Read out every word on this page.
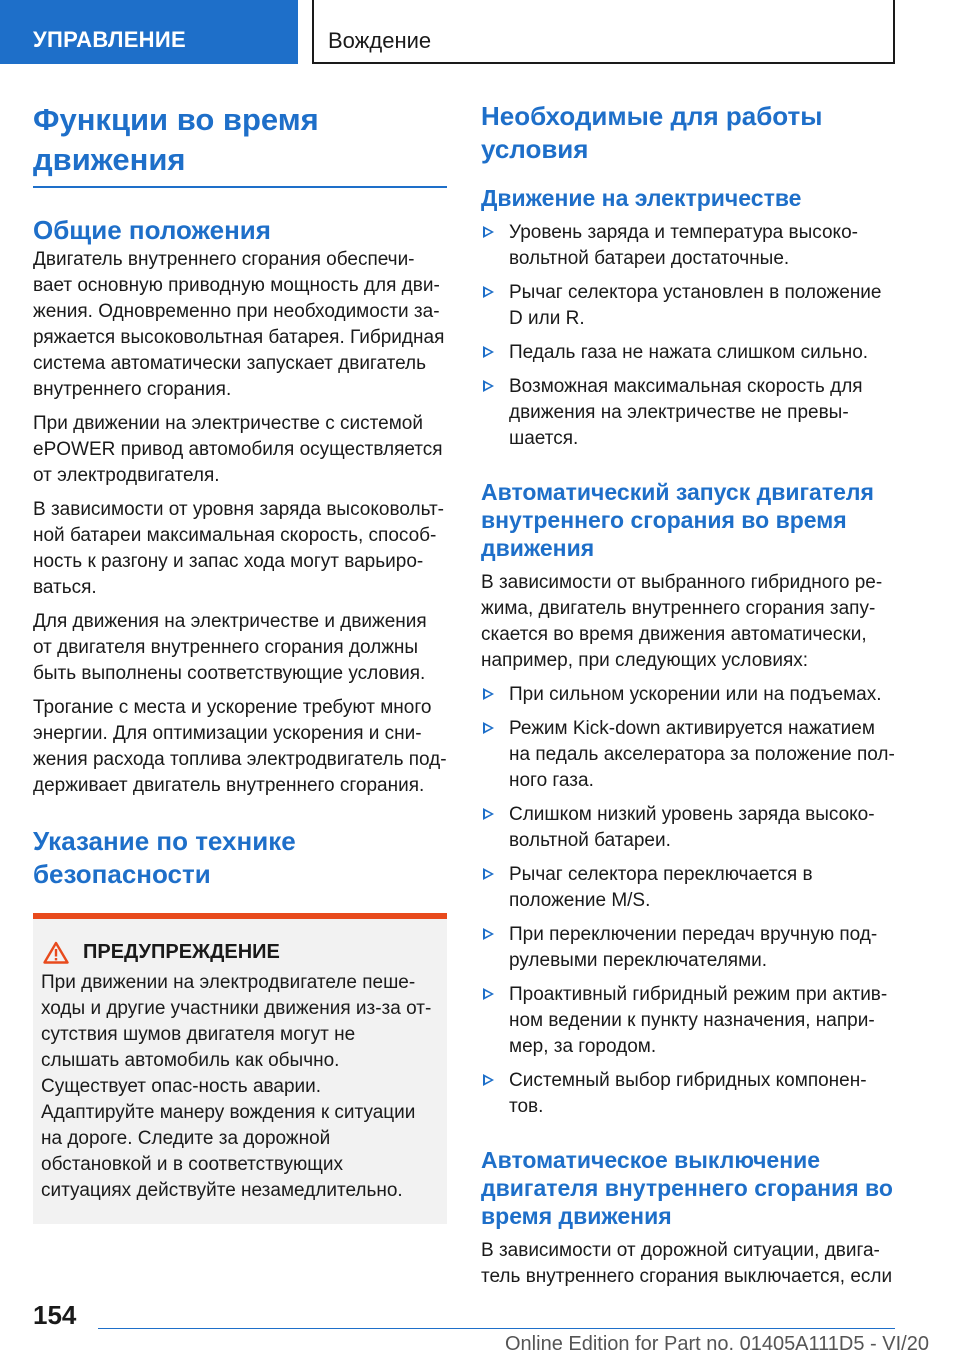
УПРАВЛЕНИЕ	Вождение
Функции во время движения
Общие положения

Двигатель внутреннего сгорания обеспечи-вает основную приводную мощность для дви-жения. Одновременно при необходимости за-ряжается высоковольтная батарея. Гибридная система автоматически запускает двигатель внутреннего сгорания.

При движении на электричестве с системой ePOWER привод автомобиля осуществляется от электродвигателя.

В зависимости от уровня заряда высоковольт-ной батареи максимальная скорость, способ-ность к разгону и запас хода могут варьиро-ваться.

Для движения на электричестве и движения от двигателя внутреннего сгорания должны быть выполнены соответствующие условия.

Трогание с места и ускорение требуют много энергии. Для оптимизации ускорения и сни-жения расхода топлива электродвигатель под-держивает двигатель внутреннего сгорания.

Указание по технике безопасности
ПРЕДУПРЕЖДЕНИЕ

При движении на электродвигателе пеше-ходы и другие участники движения из-за от-сутствия шумов двигателя могут не слышать автомобиль как обычно. Существует опас-ность аварии. Адаптируйте манеру вождения к ситуации на дороге. Следите за дорожной обстановкой и в соответствующих ситуациях действуйте незамедлительно.

Необходимые для работы условия
Движение на электричестве
Уровень заряда и температура высоко-вольтной батареи достаточные.
Рычаг селектора установлен в положение D или R.
Педаль газа не нажата слишком сильно.
Возможная максимальная скорость для движения на электричестве не превы-шается.
Автоматический запуск двигателя внутреннего сгорания во время движения

В зависимости от выбранного гибридного ре-жима, двигатель внутреннего сгорания запу-скается во время движения автоматически, например, при следующих условиях:

При сильном ускорении или на подъемах.
Режим Kick-down активируется нажатием на педаль акселератора за положение пол-ного газа.
Слишком низкий уровень заряда высоко-вольтной батареи.
Рычаг селектора переключается в положение M/S.
При переключении передач вручную под-рулевыми переключателями.
Проактивный гибридный режим при актив-ном ведении к пункту назначения, напри-мер, за городом.
Системный выбор гибридных компонен-тов.
Автоматическое выключение двигателя внутреннего сгорания во время движения

В зависимости от дорожной ситуации, двига-тель внутреннего сгорания выключается, если

154
Online Edition for Part no. 01405A111D5 - VI/20
